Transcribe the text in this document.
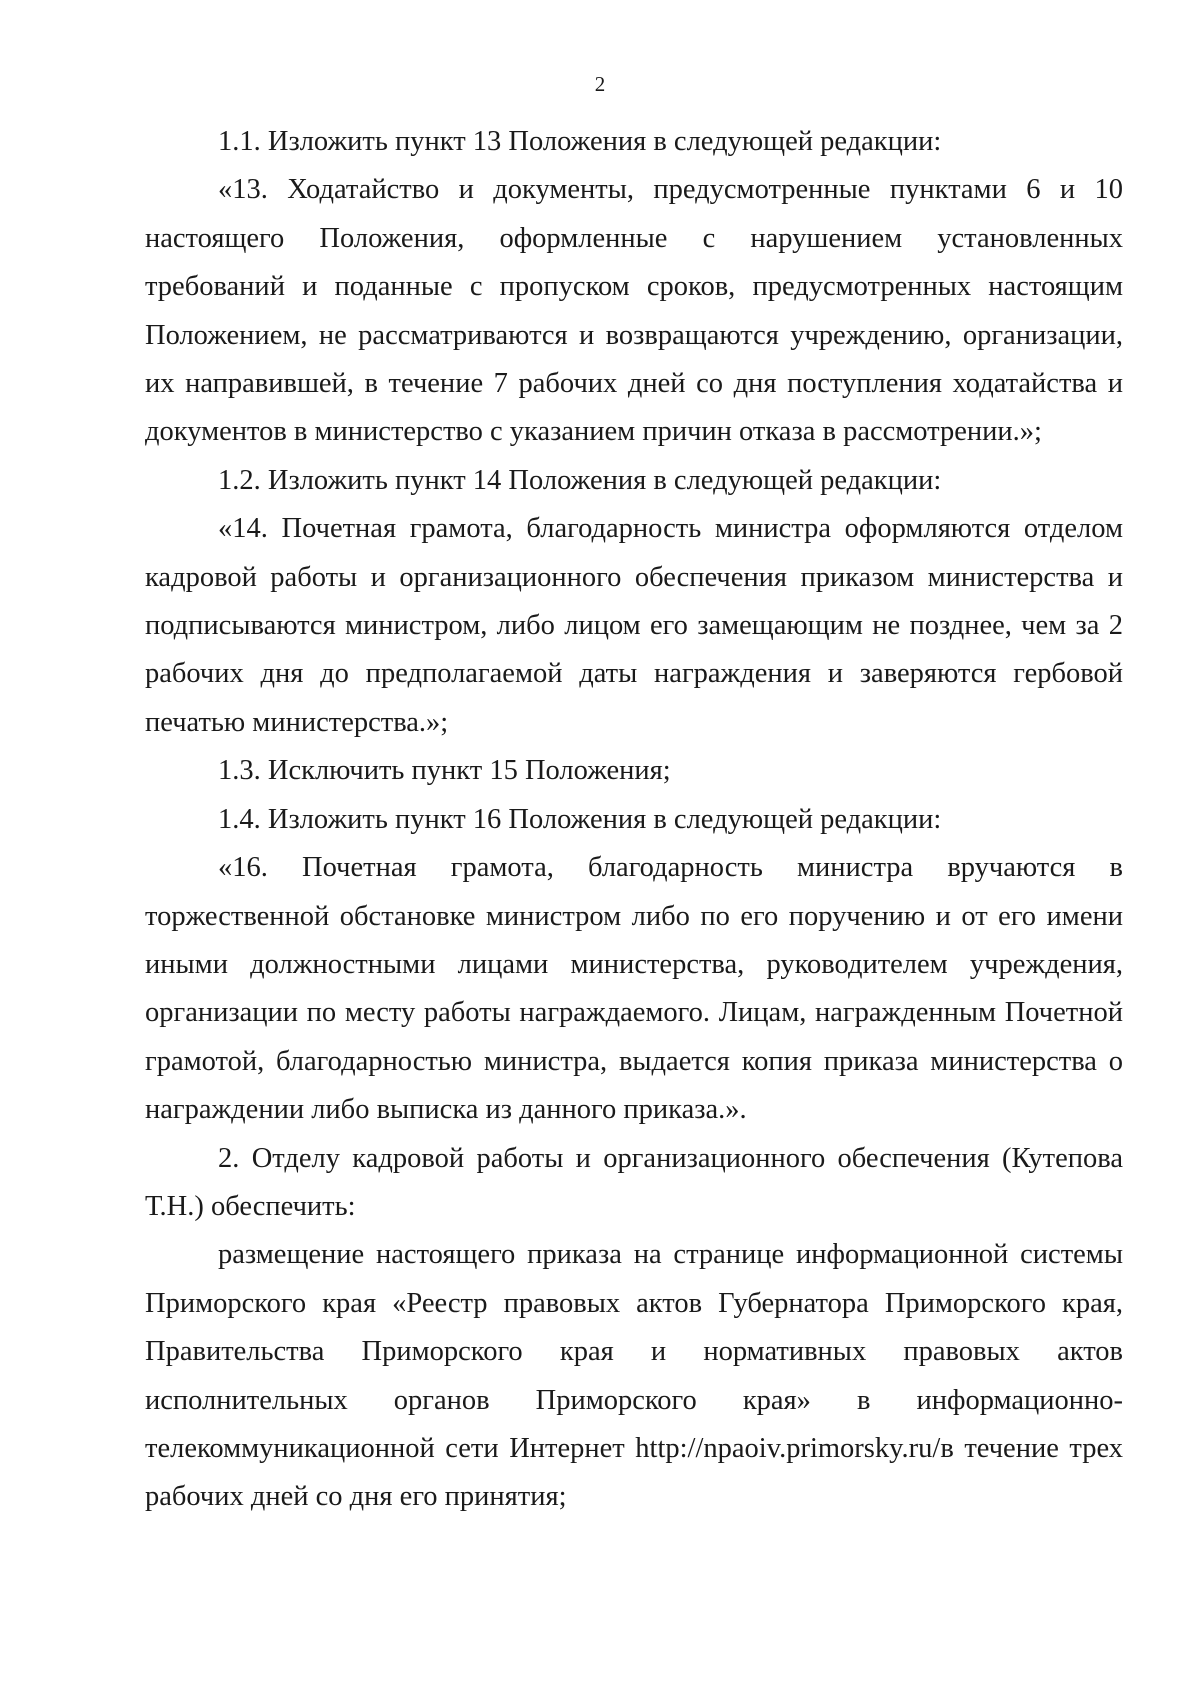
2

1.1. Изложить пункт 13 Положения в следующей редакции:

«13. Ходатайство и документы, предусмотренные пунктами 6 и 10 настоящего Положения, оформленные с нарушением установленных требований и поданные с пропуском сроков, предусмотренных настоящим Положением, не рассматриваются и возвращаются учреждению, организации, их направившей, в течение 7 рабочих дней со дня поступления ходатайства и документов в министерство с указанием причин отказа в рассмотрении.»;

1.2. Изложить пункт 14 Положения в следующей редакции:

«14. Почетная грамота, благодарность министра оформляются отделом кадровой работы и организационного обеспечения приказом министерства и подписываются министром, либо лицом его замещающим не позднее, чем за 2 рабочих дня до предполагаемой даты награждения и заверяются гербовой печатью министерства.»;

1.3. Исключить пункт 15 Положения;

1.4. Изложить пункт 16 Положения в следующей редакции:

«16. Почетная грамота, благодарность министра вручаются в торжественной обстановке министром либо по его поручению и от его имени иными должностными лицами министерства, руководителем учреждения, организации по месту работы награждаемого. Лицам, награжденным Почетной грамотой, благодарностью министра, выдается копия приказа министерства о награждении либо выписка из данного приказа.».

2. Отделу кадровой работы и организационного обеспечения (Кутепова Т.Н.) обеспечить:

размещение настоящего приказа на странице информационной системы Приморского края «Реестр правовых актов Губернатора Приморского края, Правительства Приморского края и нормативных правовых актов исполнительных органов Приморского края» в информационно-телекоммуникационной сети Интернет http://npaoiv.primorsky.ru/в течение трех рабочих дней со дня его принятия;
